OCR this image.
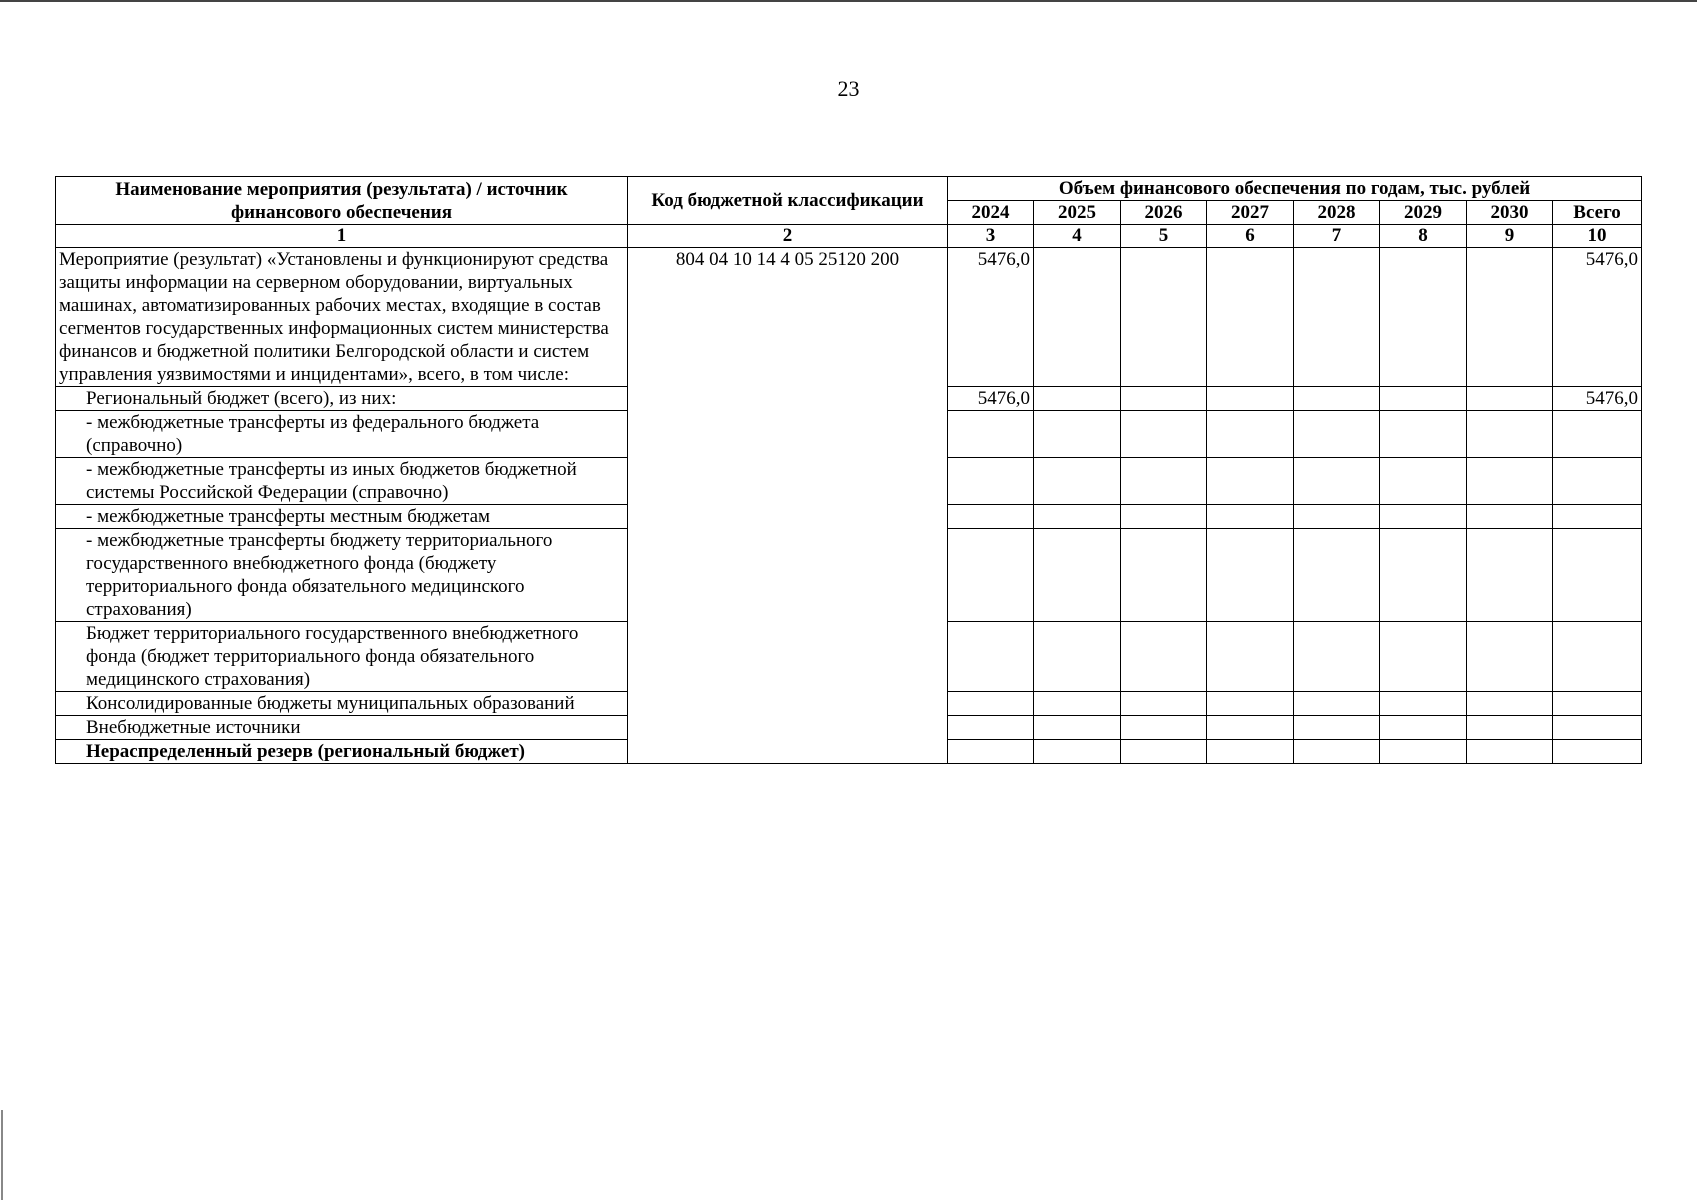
23
Наименование мероприятия (результата) / источник финансового обеспечения	Код бюджетной классификации	Объем финансового обеспечения по годам, тыс. рублей							
		2024	2025	2026	2027	2028	2029	2030	Всего
1	2	3	4	5	6	7	8	9	10
Мероприятие (результат) «Установлены и функционируют средства защиты информации на серверном оборудовании, виртуальных машинах, автоматизированных рабочих местах, входящие в состав сегментов государственных информационных систем министерства финансов и бюджетной политики Белгородской области и систем управления уязвимостями и инцидентами», всего, в том числе:	804 04 10 14 4 05 25120 200	5476,0							5476,0
Региональный бюджет (всего), из них:		5476,0							5476,0
- межбюджетные трансферты из федерального бюджета (справочно)									
- межбюджетные трансферты из иных бюджетов бюджетной системы Российской Федерации (справочно)									
- межбюджетные трансферты местным бюджетам									
- межбюджетные трансферты бюджету территориального государственного внебюджетного фонда (бюджету территориального фонда обязательного медицинского страхования)									
Бюджет территориального государственного внебюджетного фонда (бюджет территориального фонда обязательного медицинского страхования)									
Консолидированные бюджеты муниципальных образований									
Внебюджетные источники									
Нераспределенный резерв (региональный бюджет)									
